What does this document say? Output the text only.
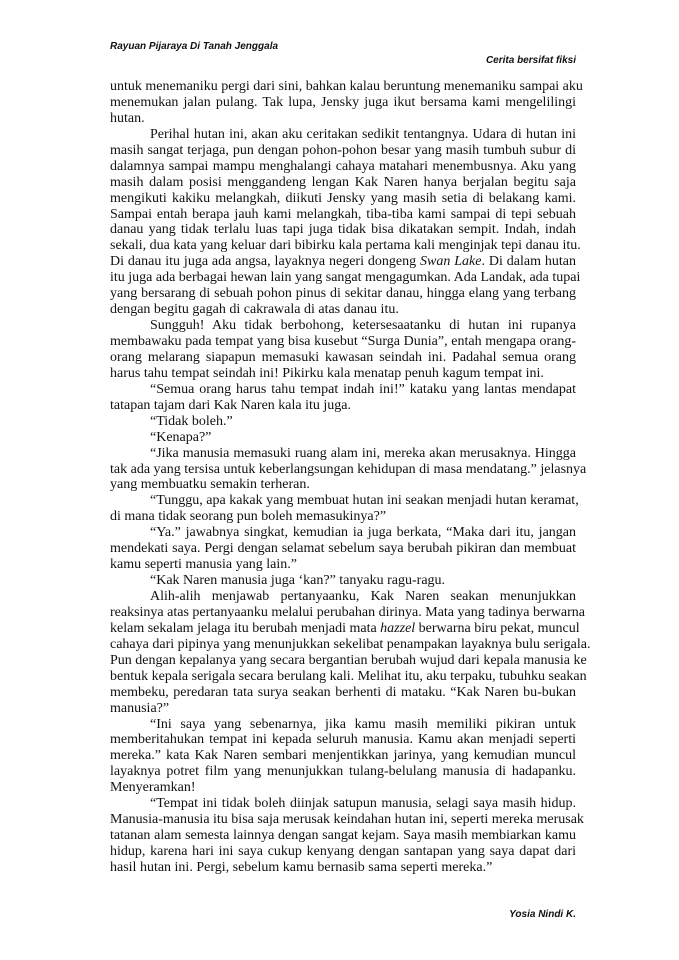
Rayuan Pijaraya Di Tanah Jenggala
Cerita bersifat fiksi
untuk menemaniku pergi dari sini, bahkan kalau beruntung menemaniku sampai aku
menemukan jalan pulang. Tak lupa, Jensky juga ikut bersama kami mengelilingi
hutan.
Perihal hutan ini, akan aku ceritakan sedikit tentangnya. Udara di hutan ini
masih sangat terjaga, pun dengan pohon-pohon besar yang masih tumbuh subur di
dalamnya sampai mampu menghalangi cahaya matahari menembusnya. Aku yang
masih dalam posisi menggandeng lengan Kak Naren hanya berjalan begitu saja
mengikuti kakiku melangkah, diikuti Jensky yang masih setia di belakang kami.
Sampai entah berapa jauh kami melangkah, tiba-tiba kami sampai di tepi sebuah
danau yang tidak terlalu luas tapi juga tidak bisa dikatakan sempit. Indah, indah
sekali, dua kata yang keluar dari bibirku kala pertama kali menginjak tepi danau itu.
Di danau itu juga ada angsa, layaknya negeri dongeng Swan Lake. Di dalam hutan
itu juga ada berbagai hewan lain yang sangat mengagumkan. Ada Landak, ada tupai
yang bersarang di sebuah pohon pinus di sekitar danau, hingga elang yang terbang
dengan begitu gagah di cakrawala di atas danau itu.
Sungguh! Aku tidak berbohong, ketersesaatanku di hutan ini rupanya
membawaku pada tempat yang bisa kusebut “Surga Dunia”, entah mengapa orang-
orang melarang siapapun memasuki kawasan seindah ini. Padahal semua orang
harus tahu tempat seindah ini! Pikirku kala menatap penuh kagum tempat ini.
“Semua orang harus tahu tempat indah ini!” kataku yang lantas mendapat
tatapan tajam dari Kak Naren kala itu juga.
“Tidak boleh.”
“Kenapa?”
“Jika manusia memasuki ruang alam ini, mereka akan merusaknya. Hingga
tak ada yang tersisa untuk keberlangsungan kehidupan di masa mendatang.” jelasnya
yang membuatku semakin terheran.
“Tunggu, apa kakak yang membuat hutan ini seakan menjadi hutan keramat,
di mana tidak seorang pun boleh memasukinya?”
“Ya.” jawabnya singkat, kemudian ia juga berkata, “Maka dari itu, jangan
mendekati saya. Pergi dengan selamat sebelum saya berubah pikiran dan membuat
kamu seperti manusia yang lain.”
“Kak Naren manusia juga ‘kan?” tanyaku ragu-ragu.
Alih-alih menjawab pertanyaanku, Kak Naren seakan menunjukkan
reaksinya atas pertanyaanku melalui perubahan dirinya. Mata yang tadinya berwarna
kelam sekalam jelaga itu berubah menjadi mata hazzel berwarna biru pekat, muncul
cahaya dari pipinya yang menunjukkan sekelibat penampakan layaknya bulu serigala.
Pun dengan kepalanya yang secara bergantian berubah wujud dari kepala manusia ke
bentuk kepala serigala secara berulang kali. Melihat itu, aku terpaku, tubuhku seakan
membeku, peredaran tata surya seakan berhenti di mataku. “Kak Naren bu-bukan
manusia?”
“Ini saya yang sebenarnya, jika kamu masih memiliki pikiran untuk
memberitahukan tempat ini kepada seluruh manusia. Kamu akan menjadi seperti
mereka.” kata Kak Naren sembari menjentikkan jarinya, yang kemudian muncul
layaknya potret film yang menunjukkan tulang-belulang manusia di hadapanku.
Menyeramkan!
“Tempat ini tidak boleh diinjak satupun manusia, selagi saya masih hidup.
Manusia-manusia itu bisa saja merusak keindahan hutan ini, seperti mereka merusak
tatanan alam semesta lainnya dengan sangat kejam. Saya masih membiarkan kamu
hidup, karena hari ini saya cukup kenyang dengan santapan yang saya dapat dari
hasil hutan ini. Pergi, sebelum kamu bernasib sama seperti mereka.”
Yosia Nindi K.
